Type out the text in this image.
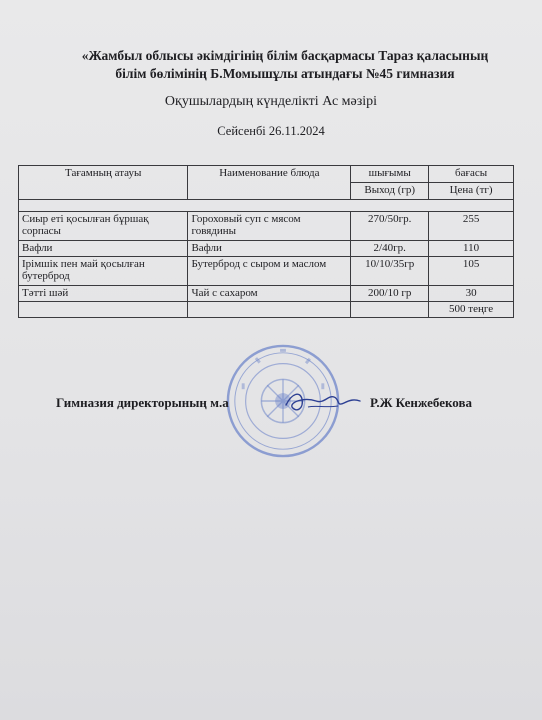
«Жамбыл облысы әкімдігінің білім басқармасы Тараз қаласының
білім бөлімінің Б.Момышұлы атындағы №45 гимназия
Оқушылардың күнделікті Ас мәзірі
Сейсенбі 26.11.2024
Тағамның атауы	Наименование блюда	шығымы	бағасы
		Выход (гр)	Цена (тг)

Сиыр еті қосылған бұршақ сорпасы	Гороховый суп с мясом говядины	270/50гр.	255
Вафли	Вафли	2/40гр.	110
Ірімшік пен май қосылған бутерброд	Бутерброд с сыром и маслом	10/10/35гр	105
Тәтті шәй	Чай с сахаром	200/10 гр	30
			500 теңге
Гимназия директорының м.а	Р.Ж Кенжебекова
